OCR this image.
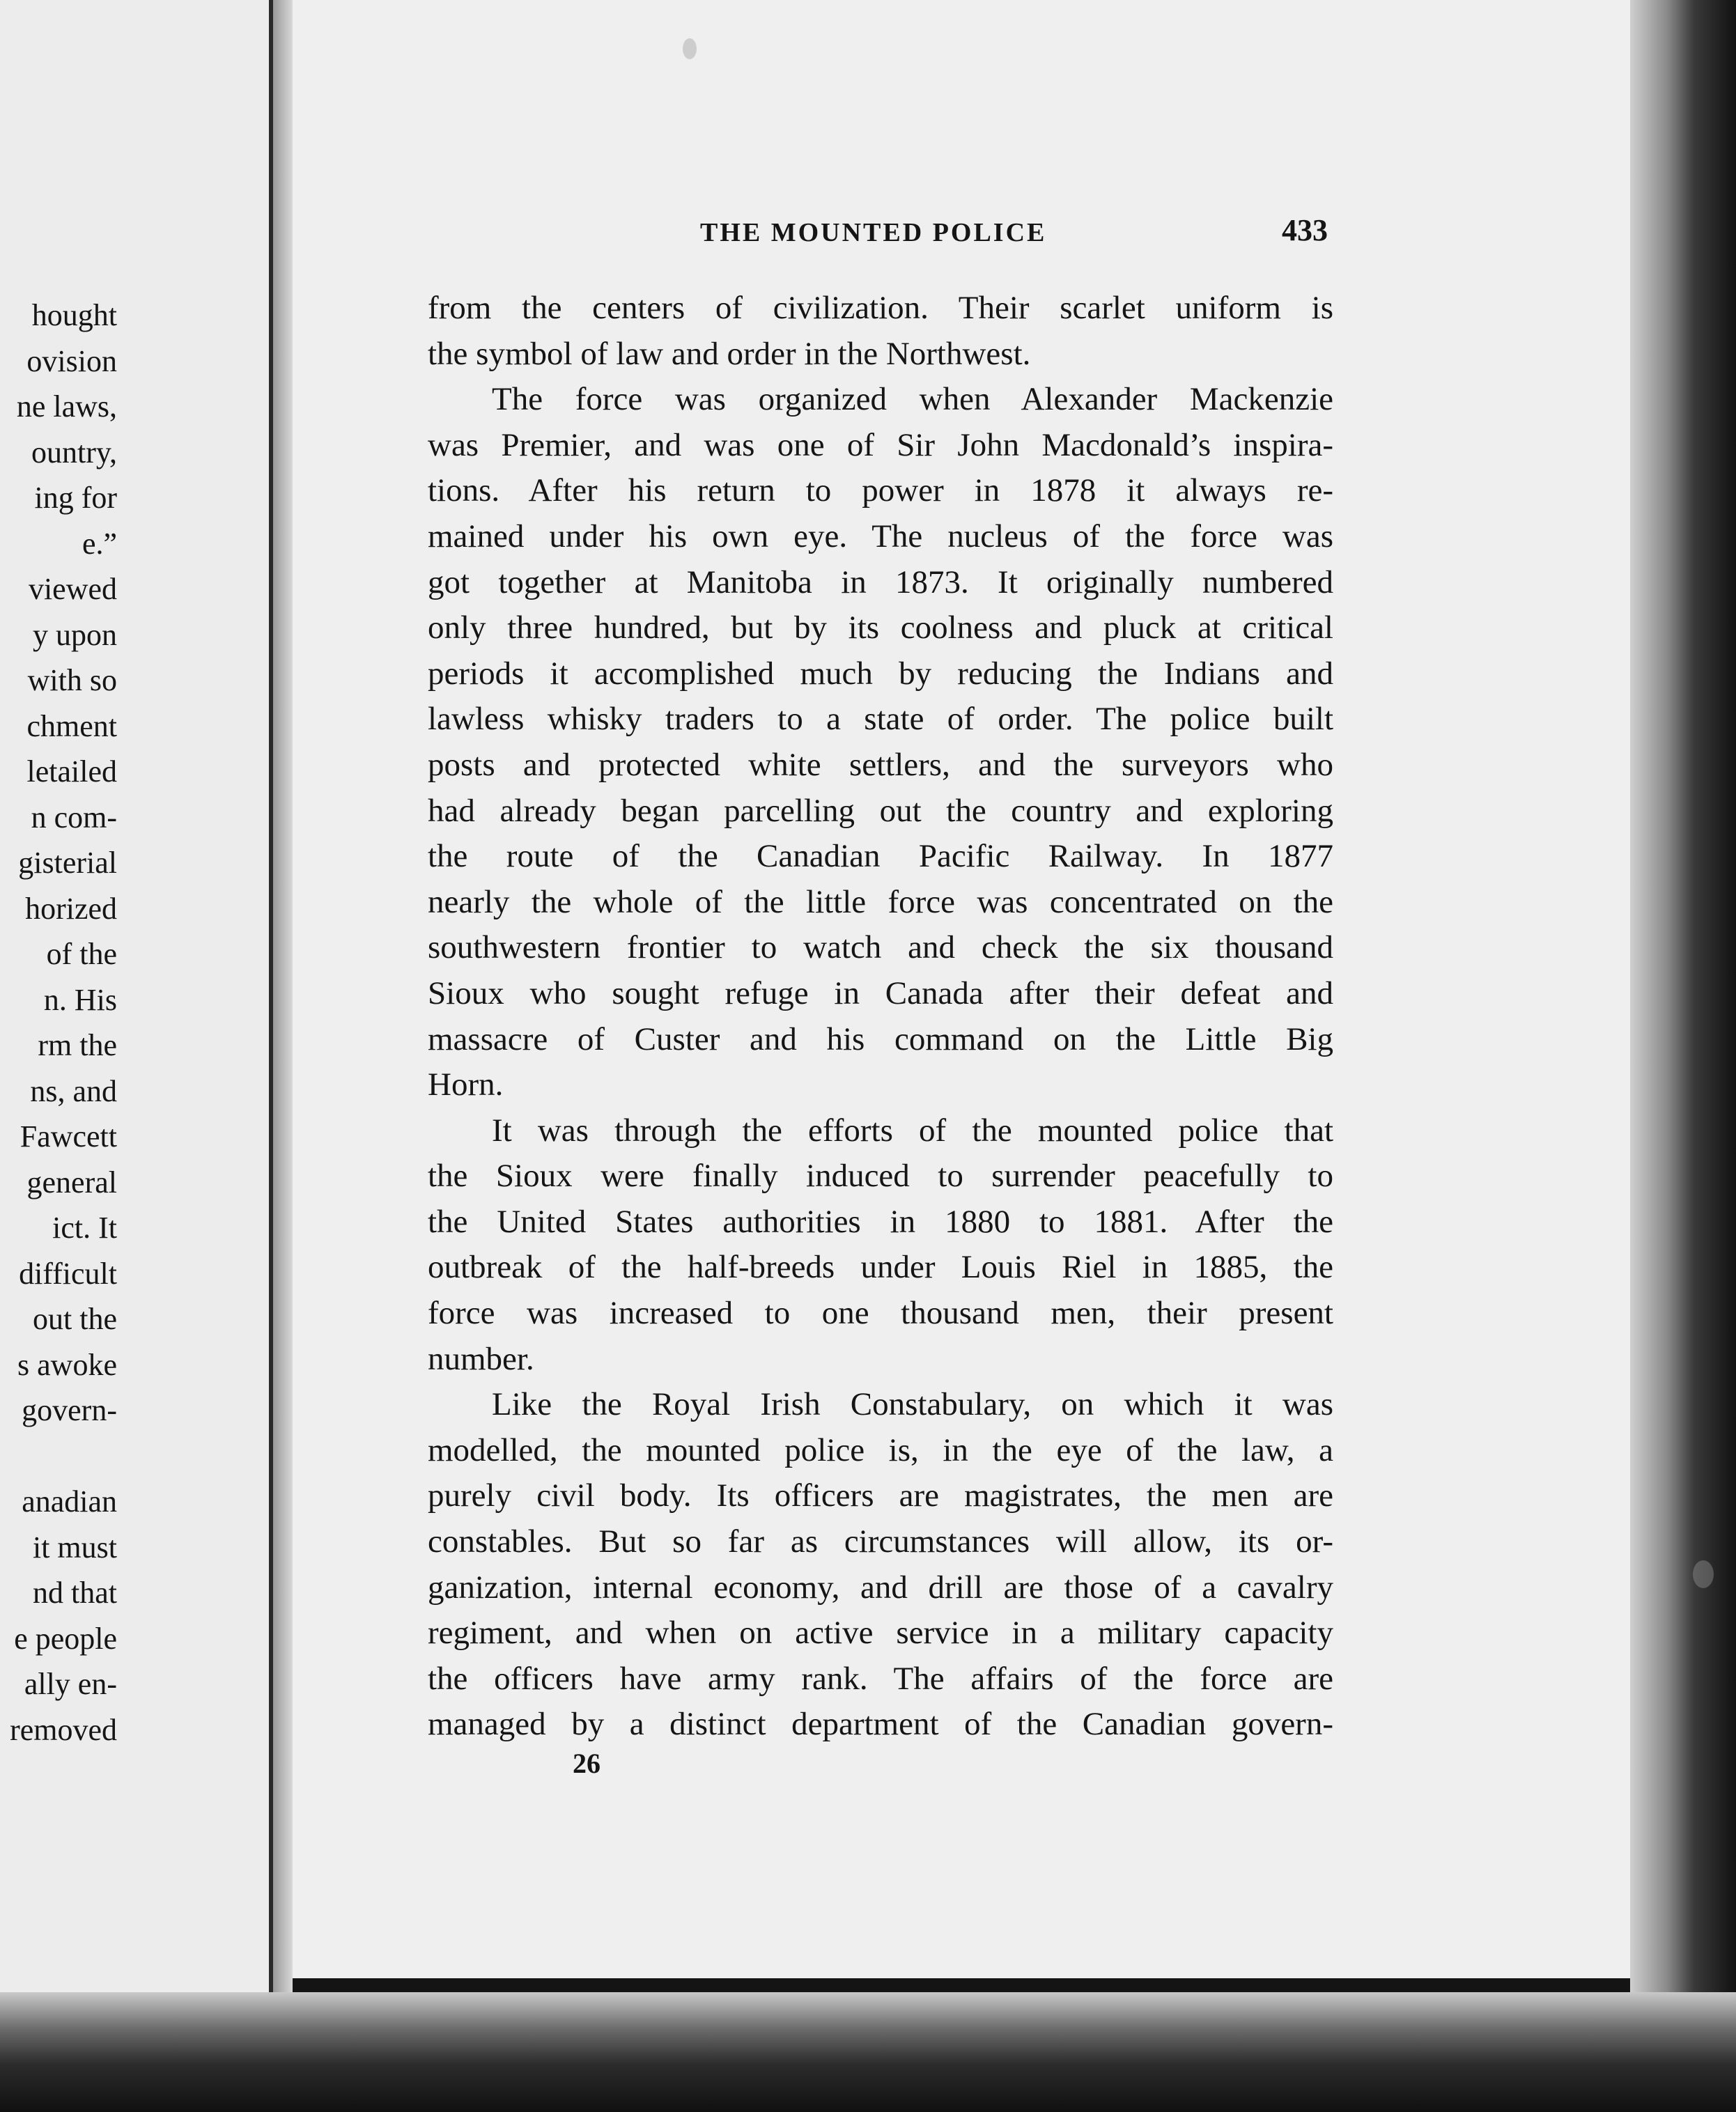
hought
ovision
ne laws,
ountry,
ing for
e.”
viewed
y upon
with so
chment
letailed
n com-
gisterial
horized
of the
n. His
rm the
ns, and
Fawcett
general
ict. It
difficult
out the
s awoke
govern-

anadian
it must
nd that
e people
ally en-
removed
THE MOUNTED POLICE	433
from the centers of civilization. Their scarlet uniform is
the symbol of law and order in the Northwest.
The force was organized when Alexander Mackenzie
was Premier, and was one of Sir John Macdonald’s inspira-
tions. After his return to power in 1878 it always re-
mained under his own eye. The nucleus of the force was
got together at Manitoba in 1873. It originally numbered
only three hundred, but by its coolness and pluck at critical
periods it accomplished much by reducing the Indians and
lawless whisky traders to a state of order. The police built
posts and protected white settlers, and the surveyors who
had already began parcelling out the country and exploring
the route of the Canadian Pacific Railway. In 1877
nearly the whole of the little force was concentrated on the
southwestern frontier to watch and check the six thousand
Sioux who sought refuge in Canada after their defeat and
massacre of Custer and his command on the Little Big
Horn.
It was through the efforts of the mounted police that
the Sioux were finally induced to surrender peacefully to
the United States authorities in 1880 to 1881. After the
outbreak of the half-breeds under Louis Riel in 1885, the
force was increased to one thousand men, their present
number.
Like the Royal Irish Constabulary, on which it was
modelled, the mounted police is, in the eye of the law, a
purely civil body. Its officers are magistrates, the men are
constables. But so far as circumstances will allow, its or-
ganization, internal economy, and drill are those of a cavalry
regiment, and when on active service in a military capacity
the officers have army rank. The affairs of the force are
managed by a distinct department of the Canadian govern-
26
